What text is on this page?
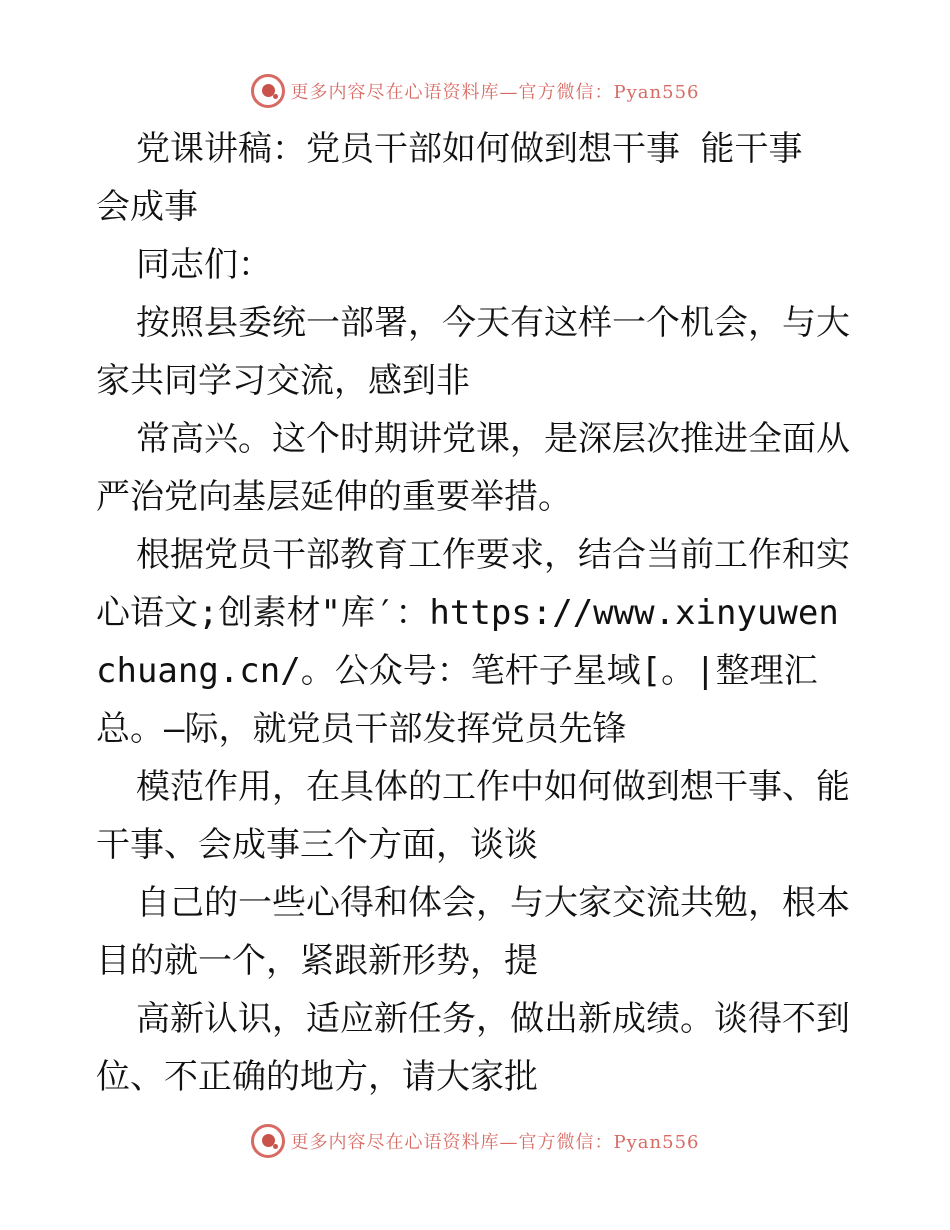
更多内容尽在心语资料库—官方微信：Pyan556

党课讲稿：党员干部如何做到想干事 能干事 会成事

同志们：

按照县委统一部署，今天有这样一个机会，与大家共同学习交流，感到非

常高兴。这个时期讲党课，是深层次推进全面从严治党向基层延伸的重要举措。

根据党员干部教育工作要求，结合当前工作和实心语文;创素材"库′：https://www.xinyuwenchuang.cn/。公众号：笔杆子星域[。|整理汇总。—际，就党员干部发挥党员先锋

模范作用，在具体的工作中如何做到想干事、能干事、会成事三个方面，谈谈

自己的一些心得和体会，与大家交流共勉，根本目的就一个，紧跟新形势，提

高新认识，适应新任务，做出新成绩。谈得不到位、不正确的地方，请大家批

更多内容尽在心语资料库—官方微信：Pyan556
